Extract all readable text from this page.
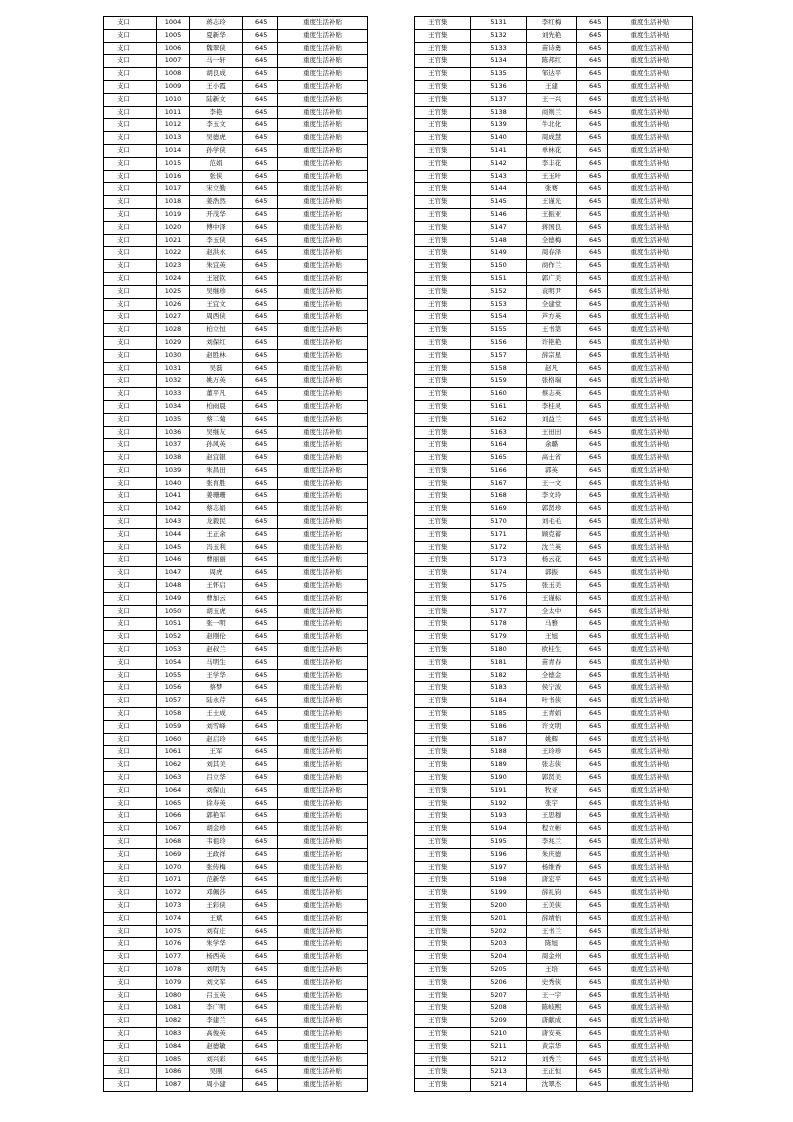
支口	1004	蒋志玲	645	重度生活补贴
支口	1005	夏新华	645	重度生活补贴
支口	1006	魏翠侠	645	重度生活补贴
支口	1007	马一轩	645	重度生活补贴
支口	1008	胡良成	645	重度生活补贴
支口	1009	王小霞	645	重度生活补贴
支口	1010	陆新文	645	重度生活补贴
支口	1011	李艳	645	重度生活补贴
支口	1012	李玉文	645	重度生活补贴
支口	1013	吴德虎	645	重度生活补贴
支口	1014	孙学侠	645	重度生活补贴
支口	1015	范娟	645	重度生活补贴
支口	1016	张侠	645	重度生活补贴
支口	1017	宋立勤	645	重度生活补贴
支口	1018	姜浩然	645	重度生活补贴
支口	1019	开茂华	645	重度生活补贴
支口	1020	傅中泽	645	重度生活补贴
支口	1021	李玉侠	645	重度生活补贴
支口	1022	赵洪永	645	重度生活补贴
支口	1023	朱宜英	645	重度生活补贴
支口	1024	王冠钦	645	重度生活补贴
支口	1025	吴继珍	645	重度生活补贴
支口	1026	王宜文	645	重度生活补贴
支口	1027	周西侠	645	重度生活补贴
支口	1028	柏立恒	645	重度生活补贴
支口	1029	刘保红	645	重度生活补贴
支口	1030	赵胜林	645	重度生活补贴
支口	1031	吴磊	645	重度生活补贴
支口	1032	姚万英	645	重度生活补贴
支口	1033	董平凡	645	重度生活补贴
支口	1034	柏雨晨	645	重度生活补贴
支口	1035	蔡二菊	645	重度生活补贴
支口	1036	吴继友	645	重度生活补贴
支口	1037	孙风英	645	重度生活补贴
支口	1038	赵宜银	645	重度生活补贴
支口	1039	朱昌田	645	重度生活补贴
支口	1040	张育胜	645	重度生活补贴
支口	1041	姜珊珊	645	重度生活补贴
支口	1042	蔡志娟	645	重度生活补贴
支口	1043	龙毅民	645	重度生活补贴
支口	1044	王正余	645	重度生活补贴
支口	1045	冯玉利	645	重度生活补贴
支口	1046	曹丽丽	645	重度生活补贴
支口	1047	周虎	645	重度生活补贴
支口	1048	王怀启	645	重度生活补贴
支口	1049	曹加云	645	重度生活补贴
支口	1050	胡玉虎	645	重度生活补贴
支口	1051	张一明	645	重度生活补贴
支口	1052	赵刚伦	645	重度生活补贴
支口	1053	赵叔兰	645	重度生活补贴
支口	1054	马明生	645	重度生活补贴
支口	1055	王学华	645	重度生活补贴
支口	1056	蔡梦	645	重度生活补贴
支口	1057	陆永芹	645	重度生活补贴
支口	1058	王士成	645	重度生活补贴
支口	1059	刘雪峰	645	重度生活补贴
支口	1060	赵启玲	645	重度生活补贴
支口	1061	王军	645	重度生活补贴
支口	1062	刘其美	645	重度生活补贴
支口	1063	吕立华	645	重度生活补贴
支口	1064	刘保山	645	重度生活补贴
支口	1065	徐寿英	645	重度生活补贴
支口	1066	郭艳军	645	重度生活补贴
支口	1067	胡金珍	645	重度生活补贴
支口	1068	韦祖玲	645	重度生活补贴
支口	1069	王政祥	645	重度生活补贴
支口	1070	张传梅	645	重度生活补贴
支口	1071	范新华	645	重度生活补贴
支口	1072	邓佩莎	645	重度生活补贴
支口	1073	王彩侠	645	重度生活补贴
支口	1074	王斌	645	重度生活补贴
支口	1075	刘有庄	645	重度生活补贴
支口	1076	朱学华	645	重度生活补贴
支口	1077	杨西英	645	重度生活补贴
支口	1078	刘明为	645	重度生活补贴
支口	1079	刘文军	645	重度生活补贴
支口	1080	吕玉英	645	重度生活补贴
支口	1081	李广明	645	重度生活补贴
支口	1082	李建兰	645	重度生活补贴
支口	1083	高俊英	645	重度生活补贴
支口	1084	赵德敏	645	重度生活补贴
支口	1085	刘兴彩	645	重度生活补贴
支口	1086	吴刚	645	重度生活补贴
支口	1087	周小建	645	重度生活补贴
王官集	5131	李红梅	645	重度生活补贴
王官集	5132	刘先艳	645	重度生活补贴
王官集	5133	苗诗勇	645	重度生活补贴
王官集	5134	陈邦红	645	重度生活补贴
王官集	5135	邹达平	645	重度生活补贴
王官集	5136	王建	645	重度生活补贴
王官集	5137	王一兴	645	重度生活补贴
王官集	5138	商则兰	645	重度生活补贴
王官集	5139	牛北化	645	重度生活补贴
王官集	5140	周成慧	645	重度生活补贴
王官集	5141	单林花	645	重度生活补贴
王官集	5142	李丰花	645	重度生活补贴
王官集	5143	王玉叶	645	重度生活补贴
王官集	5144	张赛	645	重度生活补贴
王官集	5145	王谨光	645	重度生活补贴
王官集	5146	王振亚	645	重度生活补贴
王官集	5147	蒋国良	645	重度生活补贴
王官集	5148	全德梅	645	重度生活补贴
王官集	5149	周春泽	645	重度生活补贴
王官集	5150	商作兰	645	重度生活补贴
王官集	5151	郭广美	645	重度生活补贴
王官集	5152	袁明尹	645	重度生活补贴
王官集	5153	全建堂	645	重度生活补贴
王官集	5154	芦方英	645	重度生活补贴
王官集	5155	王书第	645	重度生活补贴
王官集	5156	许艳艳	645	重度生活补贴
王官集	5157	薛宗星	645	重度生活补贴
王官集	5158	赵凡	645	重度生活补贴
王官集	5159	张格瑞	645	重度生活补贴
王官集	5160	蔡志英	645	重度生活补贴
王官集	5161	李桂灵	645	重度生活补贴
王官集	5162	刘益兰	645	重度生活补贴
王官集	5163	王田田	645	重度生活补贴
王官集	5164	余璐	645	重度生活补贴
王官集	5165	高士省	645	重度生活补贴
王官集	5166	郭英	645	重度生活补贴
王官集	5167	王一文	645	重度生活补贴
王官集	5168	李文玲	645	重度生活补贴
王官集	5169	郭贤珍	645	重度生活补贴
王官集	5170	刘毛毛	645	重度生活补贴
王官集	5171	顾克蓄	645	重度生活补贴
王官集	5172	沈兰英	645	重度生活补贴
王官集	5173	杨云花	645	重度生活补贴
王官集	5174	郭振	645	重度生活补贴
王官集	5175	张玉美	645	重度生活补贴
王官集	5176	王谨标	645	重度生活补贴
王官集	5177	全太中	645	重度生活补贴
王官集	5178	马雅	645	重度生活补贴
王官集	5179	王旭	645	重度生活补贴
王官集	5180	欧桂生	645	重度生活补贴
王官集	5181	苗青春	645	重度生活补贴
王官集	5182	全德金	645	重度生活补贴
王官集	5183	侯宁波	645	重度生活补贴
王官集	5184	叶书侠	645	重度生活补贴
王官集	5185	王青娟	645	重度生活补贴
王官集	5186	许文明	645	重度生活补贴
王官集	5187	姚辉	645	重度生活补贴
王官集	5188	王玲珍	645	重度生活补贴
王官集	5189	张志侠	645	重度生活补贴
王官集	5190	郭贤美	645	重度生活补贴
王官集	5191	牧亚	645	重度生活补贴
王官集	5192	张宇	645	重度生活补贴
王官集	5193	王思穆	645	重度生活补贴
王官集	5194	程立彬	645	重度生活补贴
王官集	5195	李兆兰	645	重度生活补贴
王官集	5196	朱庆德	645	重度生活补贴
王官集	5197	杨维香	645	重度生活补贴
王官集	5198	唐宏平	645	重度生活补贴
王官集	5199	薛礼钧	645	重度生活补贴
王官集	5200	王美侠	645	重度生活补贴
王官集	5201	薛靖怡	645	重度生活补贴
王官集	5202	王书兰	645	重度生活补贴
王官集	5203	陈旭	645	重度生活补贴
王官集	5204	周金州	645	重度生活补贴
王官集	5205	王培	645	重度生活补贴
王官集	5206	史秀侠	645	重度生活补贴
王官集	5207	王一宇	645	重度生活补贴
王官集	5208	陈岐熙	645	重度生活补贴
王官集	5209	唐献成	645	重度生活补贴
王官集	5210	唐安英	645	重度生活补贴
王官集	5211	黄宗华	645	重度生活补贴
王官集	5212	刘秀兰	645	重度生活补贴
王官集	5213	王正恒	645	重度生活补贴
王官集	5214	沈翠杰	645	重度生活补贴
